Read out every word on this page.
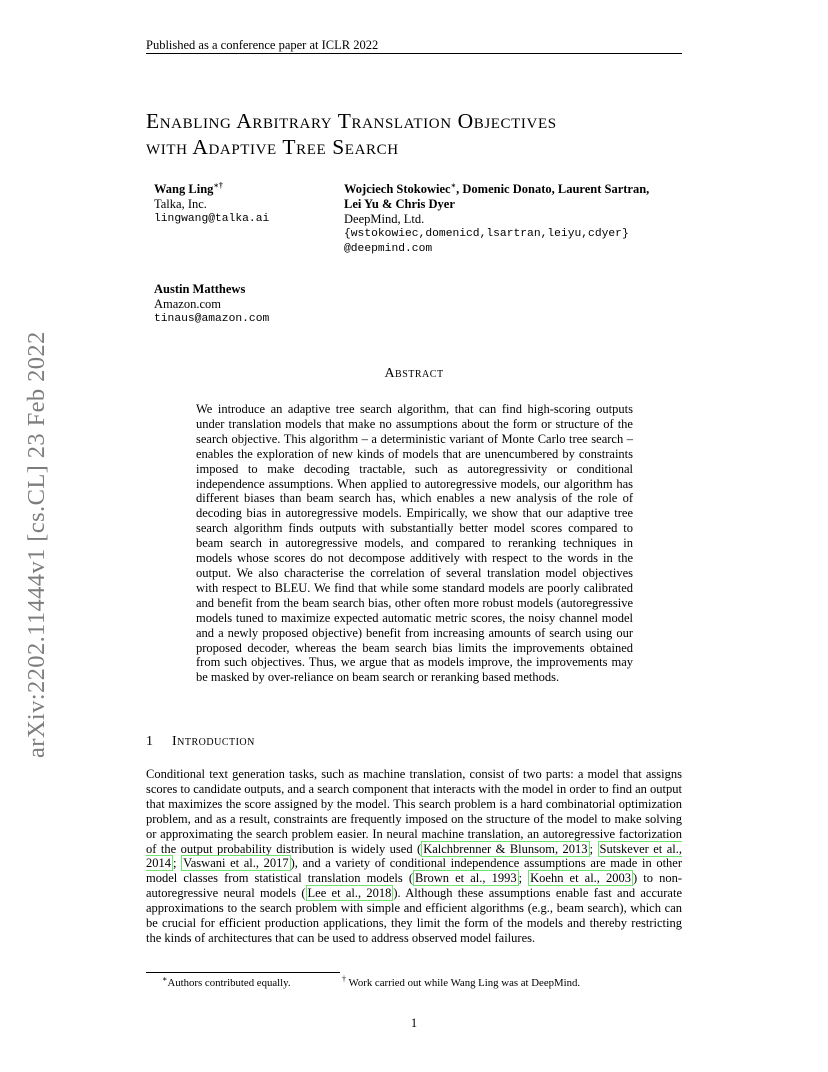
Published as a conference paper at ICLR 2022
arXiv:2202.11444v1 [cs.CL] 23 Feb 2022
Enabling Arbitrary Translation Objectives
with Adaptive Tree Search
Wang Ling∗†
Talka, Inc.
lingwang@talka.ai
Wojciech Stokowiec∗, Domenic Donato, Laurent Sartran,
Lei Yu & Chris Dyer
DeepMind, Ltd.
{wstokowiec,domenicd,lsartran,leiyu,cdyer}
@deepmind.com
Austin Matthews
Amazon.com
tinaus@amazon.com
Abstract
We introduce an adaptive tree search algorithm, that can find high-scoring outputs under translation models that make no assumptions about the form or structure of the search objective. This algorithm – a deterministic variant of Monte Carlo tree search – enables the exploration of new kinds of models that are unencumbered by constraints imposed to make decoding tractable, such as autoregressivity or conditional independence assumptions. When applied to autoregressive models, our algorithm has different biases than beam search has, which enables a new analysis of the role of decoding bias in autoregressive models. Empirically, we show that our adaptive tree search algorithm finds outputs with substantially better model scores compared to beam search in autoregressive models, and compared to reranking techniques in models whose scores do not decompose additively with respect to the words in the output. We also characterise the correlation of several translation model objectives with respect to BLEU. We find that while some standard models are poorly calibrated and benefit from the beam search bias, other often more robust models (autoregressive models tuned to maximize expected automatic metric scores, the noisy channel model and a newly proposed objective) benefit from increasing amounts of search using our proposed decoder, whereas the beam search bias limits the improvements obtained from such objectives. Thus, we argue that as models improve, the improvements may be masked by over-reliance on beam search or reranking based methods.
1 Introduction
Conditional text generation tasks, such as machine translation, consist of two parts: a model that assigns scores to candidate outputs, and a search component that interacts with the model in order to find an output that maximizes the score assigned by the model. This search problem is a hard combinatorial optimization problem, and as a result, constraints are frequently imposed on the structure of the model to make solving or approximating the search problem easier. In neural machine translation, an autoregressive factorization of the output probability distribution is widely used ( Kalchbrenner & Blunsom, 2013 ; Sutskever et al., 2014 ; Vaswani et al., 2017 ), and a variety of conditional independence assumptions are made in other model classes from statistical translation models ( Brown et al., 1993 ; Koehn et al., 2003 ) to non-autoregressive neural models ( Lee et al., 2018 ). Although these assumptions enable fast and accurate approximations to the search problem with simple and efficient algorithms (e.g., beam search), which can be crucial for efficient production applications, they limit the form of the models and thereby restricting the kinds of architectures that can be used to address observed model failures.
∗Authors contributed equally.	† Work carried out while Wang Ling was at DeepMind.
1
